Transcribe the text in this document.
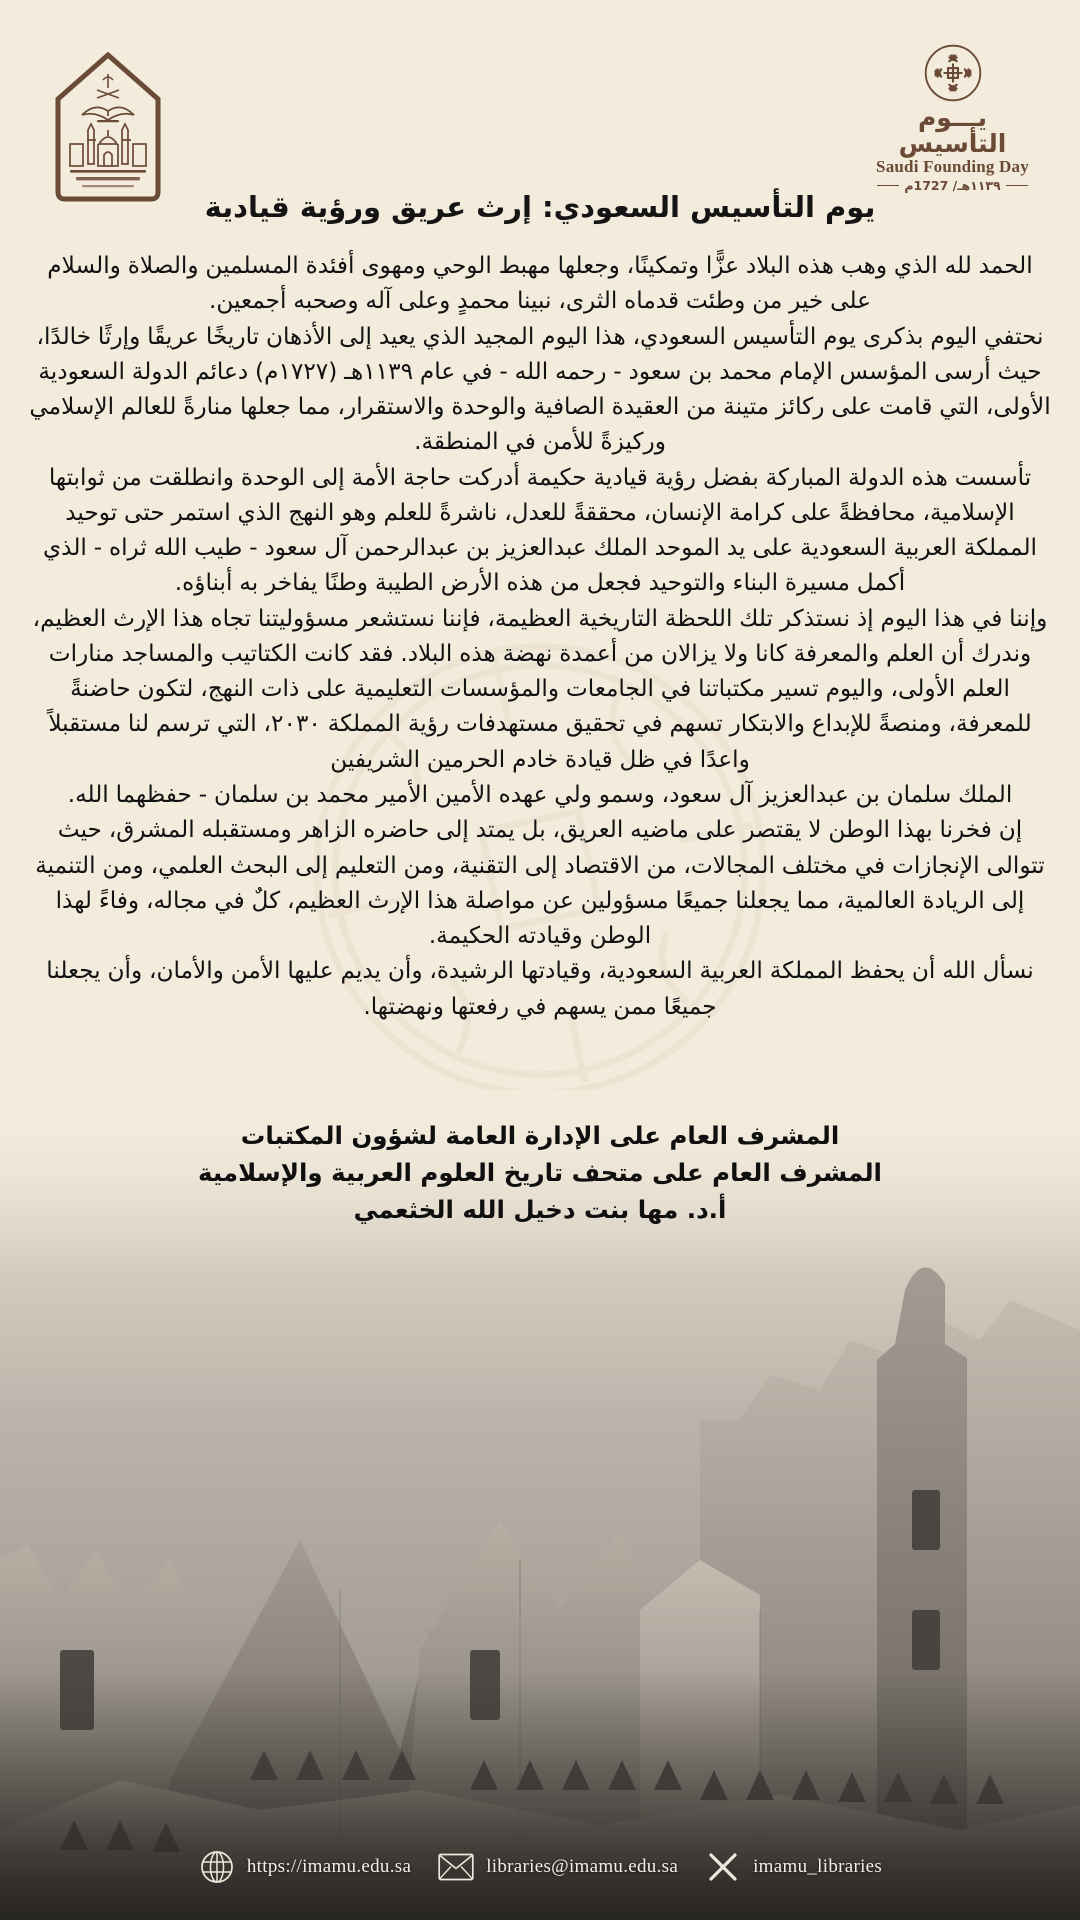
يـــوم التأسيس
Saudi Founding Day
١١٣٩هـ/ 1727م
يوم التأسيس السعودي: إرث عريق ورؤية قيادية

الحمد لله الذي وهب هذه البلاد عزًّا وتمكينًا، وجعلها مهبط الوحي ومهوى أفئدة المسلمين والصلاة والسلام على خير من وطئت قدماه الثرى، نبينا محمدٍ وعلى آله وصحبه أجمعين.

نحتفي اليوم بذكرى يوم التأسيس السعودي، هذا اليوم المجيد الذي يعيد إلى الأذهان تاريخًا عريقًا وإرثًا خالدًا، حيث أرسى المؤسس الإمام محمد بن سعود - رحمه الله - في عام ١١٣٩هـ (١٧٢٧م) دعائم الدولة السعودية الأولى، التي قامت على ركائز متينة من العقيدة الصافية والوحدة والاستقرار، مما جعلها منارةً للعالم الإسلامي وركيزةً للأمن في المنطقة.

تأسست هذه الدولة المباركة بفضل رؤية قيادية حكيمة أدركت حاجة الأمة إلى الوحدة وانطلقت من ثوابتها الإسلامية، محافظةً على كرامة الإنسان، محققةً للعدل، ناشرةً للعلم وهو النهج الذي استمر حتى توحيد المملكة العربية السعودية على يد الموحد الملك عبدالعزيز بن عبدالرحمن آل سعود - طيب الله ثراه - الذي أكمل مسيرة البناء والتوحيد فجعل من هذه الأرض الطيبة وطنًا يفاخر به أبناؤه.

وإننا في هذا اليوم إذ نستذكر تلك اللحظة التاريخية العظيمة، فإننا نستشعر مسؤوليتنا تجاه هذا الإرث العظيم، وندرك أن العلم والمعرفة كانا ولا يزالان من أعمدة نهضة هذه البلاد. فقد كانت الكتاتيب والمساجد منارات العلم الأولى، واليوم تسير مكتباتنا في الجامعات والمؤسسات التعليمية على ذات النهج، لتكون حاضنةً للمعرفة، ومنصةً للإبداع والابتكار تسهم في تحقيق مستهدفات رؤية المملكة ٢٠٣٠، التي ترسم لنا مستقبلاً واعدًا في ظل قيادة خادم الحرمين الشريفين

الملك سلمان بن عبدالعزيز آل سعود، وسمو ولي عهده الأمين الأمير محمد بن سلمان - حفظهما الله.

إن فخرنا بهذا الوطن لا يقتصر على ماضيه العريق، بل يمتد إلى حاضره الزاهر ومستقبله المشرق، حيث تتوالى الإنجازات في مختلف المجالات، من الاقتصاد إلى التقنية، ومن التعليم إلى البحث العلمي، ومن التنمية إلى الريادة العالمية، مما يجعلنا جميعًا مسؤولين عن مواصلة هذا الإرث العظيم، كلٌ في مجاله، وفاءً لهذا الوطن وقيادته الحكيمة.

نسأل الله أن يحفظ المملكة العربية السعودية، وقيادتها الرشيدة، وأن يديم عليها الأمن والأمان، وأن يجعلنا جميعًا ممن يسهم في رفعتها ونهضتها.

المشرف العام على الإدارة العامة لشؤون المكتبات
المشرف العام على متحف تاريخ العلوم العربية والإسلامية
أ.د. مها بنت دخيل الله الخثعمي
https://imamu.edu.sa	libraries@imamu.edu.sa	imamu_libraries
